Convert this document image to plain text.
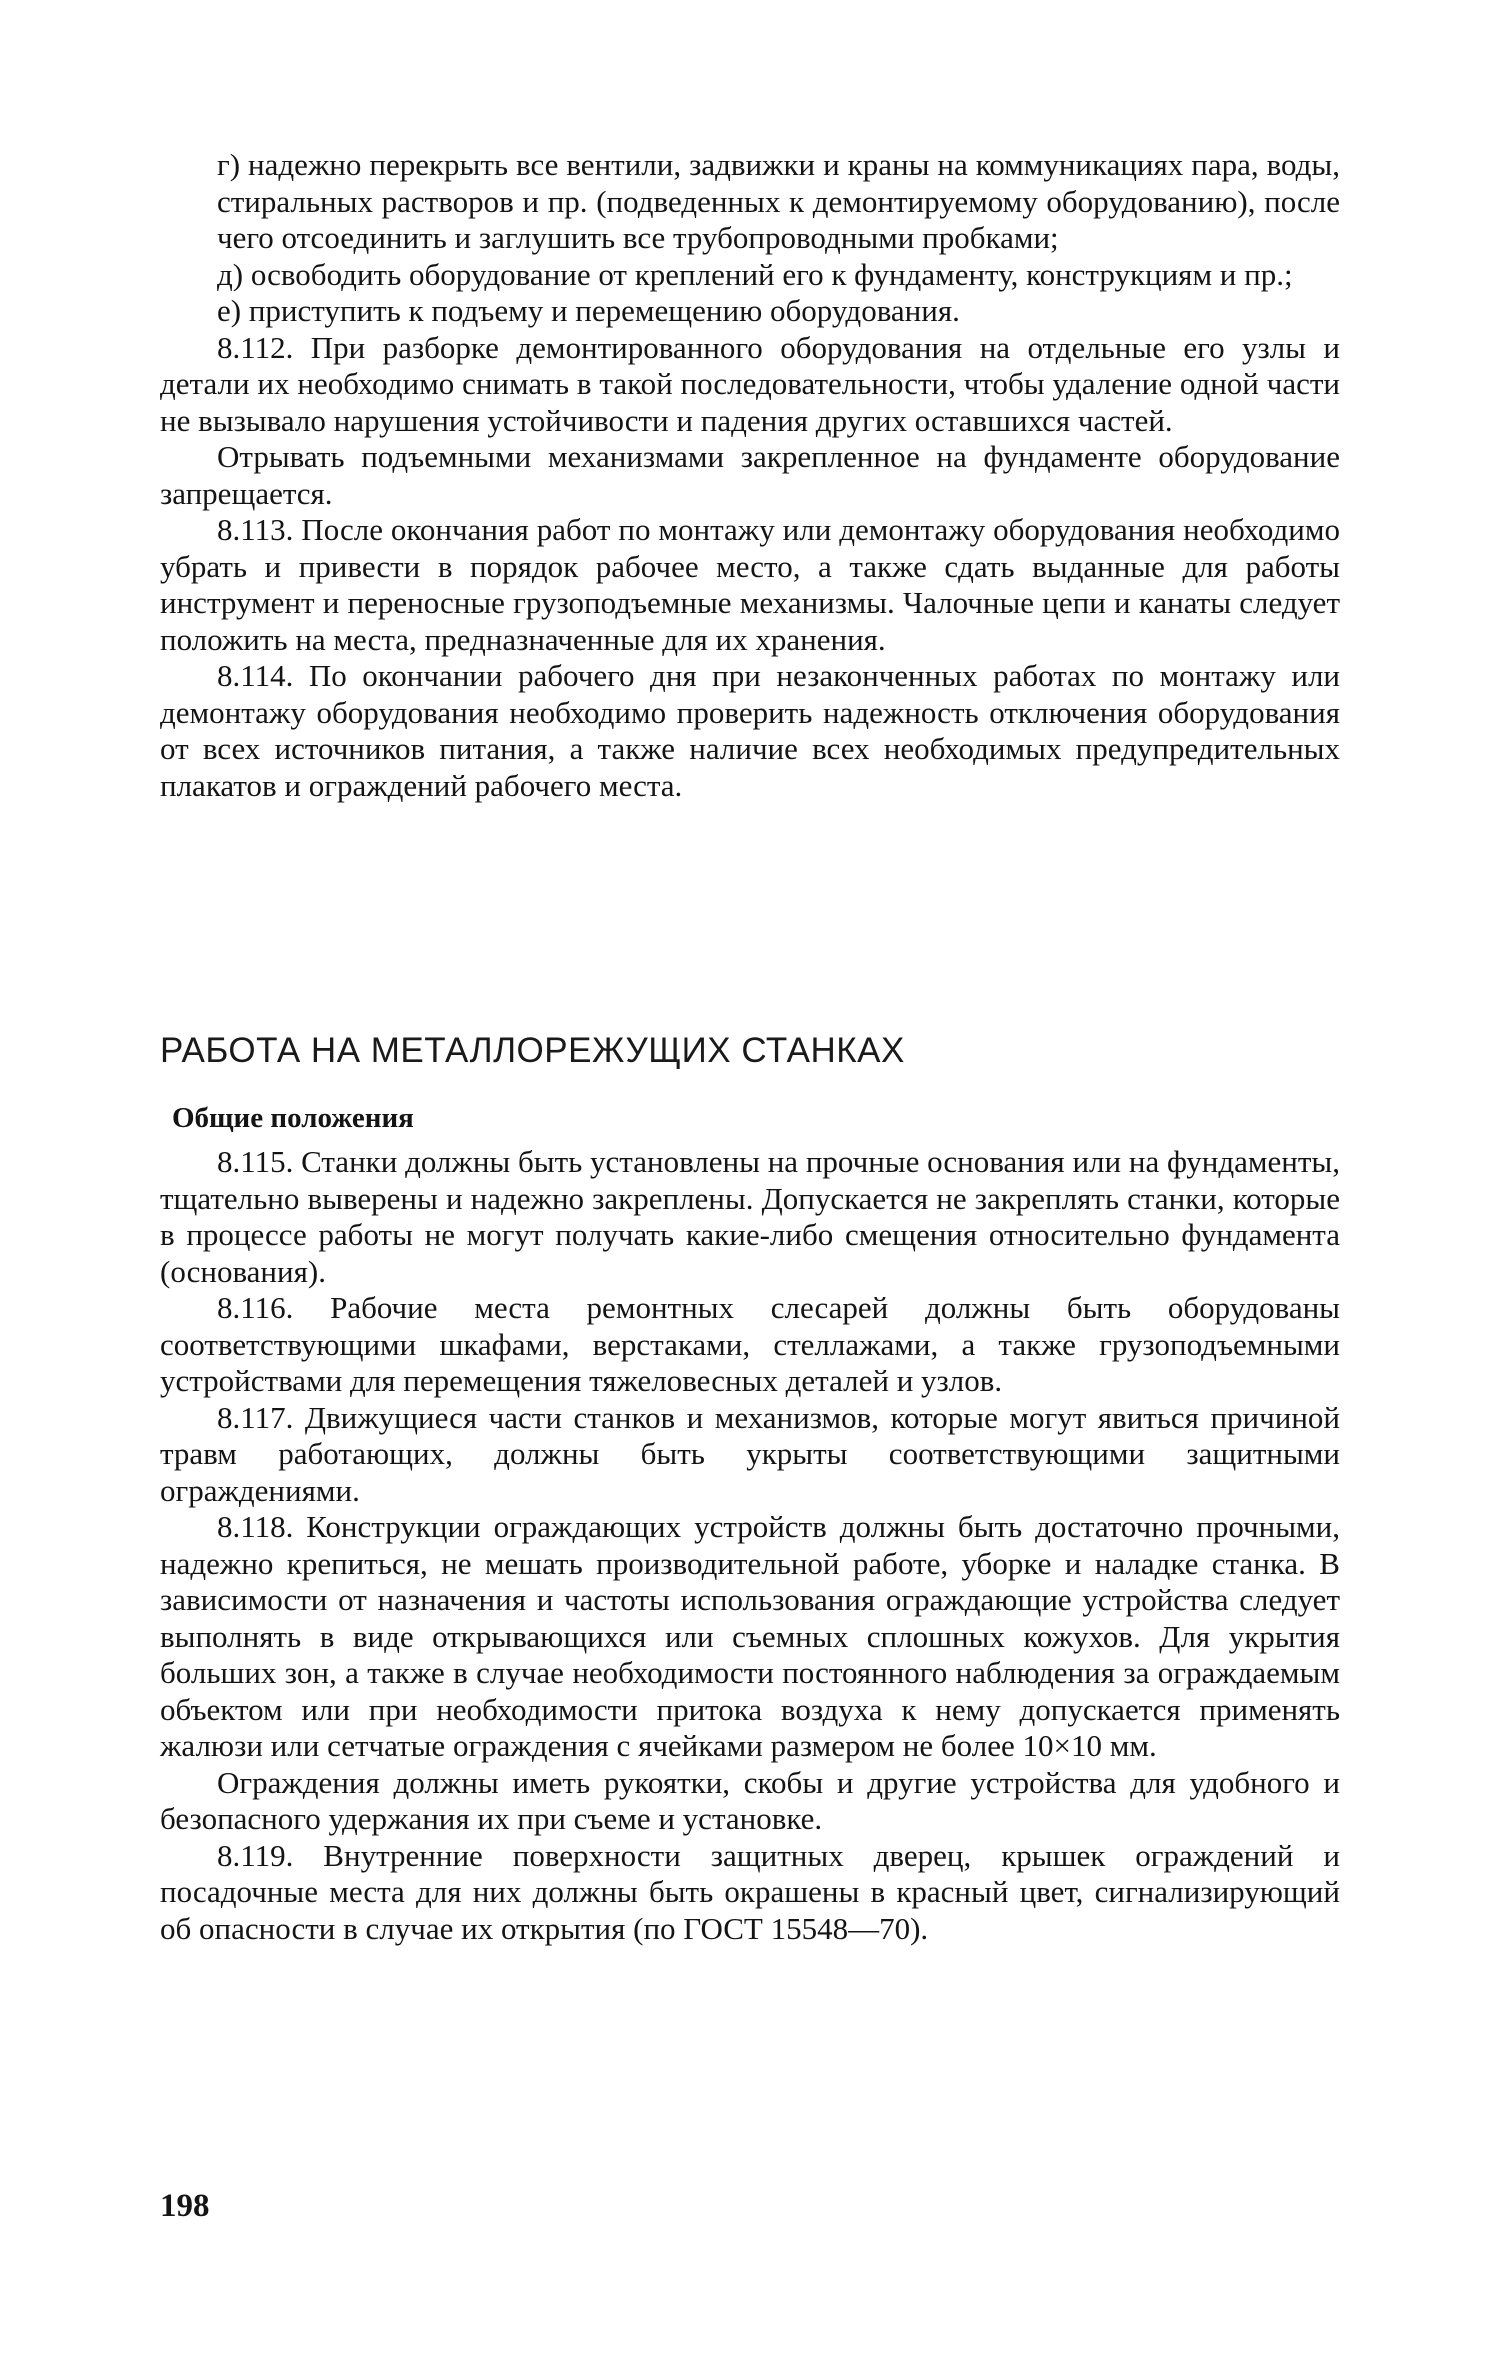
г) надежно перекрыть все вентили, задвижки и краны на коммуникациях пара, воды, стиральных растворов и пр. (подведенных к демонтируемому оборудованию), после чего отсоединить и заглушить все трубопроводными пробками;

д) освободить оборудование от креплений его к фундаменту, конструкциям и пр.;

е) приступить к подъему и перемещению оборудования.

8.112. При разборке демонтированного оборудования на отдельные его узлы и детали их необходимо снимать в такой последовательности, чтобы удаление одной части не вызывало нарушения устойчивости и падения других оставшихся частей.

Отрывать подъемными механизмами закрепленное на фундаменте оборудование запрещается.

8.113. После окончания работ по монтажу или демонтажу оборудования необходимо убрать и привести в порядок рабочее место, а также сдать выданные для работы инструмент и переносные грузоподъемные механизмы. Чалочные цепи и канаты следует положить на места, предназначенные для их хранения.

8.114. По окончании рабочего дня при незаконченных работах по монтажу или демонтажу оборудования необходимо проверить надежность отключения оборудования от всех источников питания, а также наличие всех необходимых предупредительных плакатов и ограждений рабочего места.

РАБОТА НА МЕТАЛЛОРЕЖУЩИХ СТАНКАХ
Общие положения

8.115. Станки должны быть установлены на прочные основания или на фундаменты, тщательно выверены и надежно закреплены. Допускается не закреплять станки, которые в процессе работы не могут получать какие-либо смещения относительно фундамента (основания).

8.116. Рабочие места ремонтных слесарей должны быть оборудованы соответствующими шкафами, верстаками, стеллажами, а также грузоподъемными устройствами для перемещения тяжеловесных деталей и узлов.

8.117. Движущиеся части станков и механизмов, которые могут явиться причиной травм работающих, должны быть укрыты соответствующими защитными ограждениями.

8.118. Конструкции ограждающих устройств должны быть достаточно прочными, надежно крепиться, не мешать производительной работе, уборке и наладке станка. В зависимости от назначения и частоты использования ограждающие устройства следует выполнять в виде открывающихся или съемных сплошных кожухов. Для укрытия больших зон, а также в случае необходимости постоянного наблюдения за ограждаемым объектом или при необходимости притока воздуха к нему допускается применять жалюзи или сетчатые ограждения с ячейками размером не более 10×10 мм.

Ограждения должны иметь рукоятки, скобы и другие устройства для удобного и безопасного удержания их при съеме и установке.

8.119. Внутренние поверхности защитных дверец, крышек ограждений и посадочные места для них должны быть окрашены в красный цвет, сигнализирующий об опасности в случае их открытия (по ГОСТ 15548—70).

198
